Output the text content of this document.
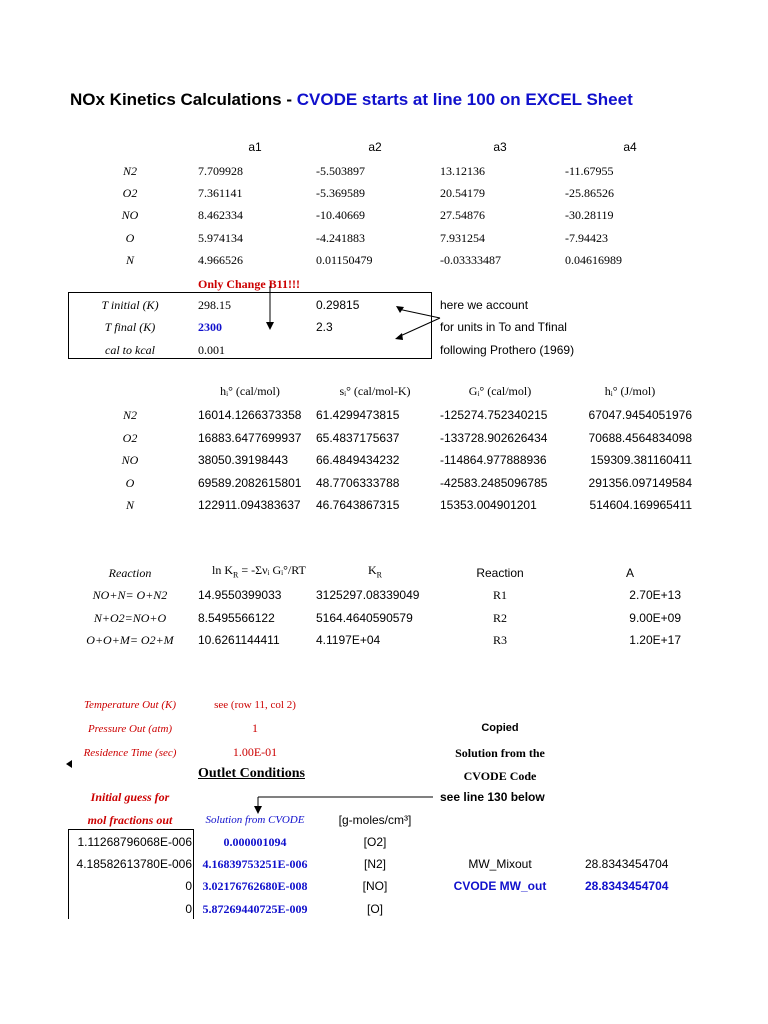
NOx Kinetics Calculations - CVODE starts at line 100 on EXCEL Sheet
a1	a2	a3	a4
N2	7.709928	-5.503897	13.12136	-11.67955
O2	7.361141	-5.369589	20.54179	-25.86526
NO	8.462334	-10.40669	27.54876	-30.28119
O	5.974134	-4.241883	7.931254	-7.94423
N	4.966526	0.01150479	-0.03333487	0.04616989
Only Change B11!!!
T initial (K)	298.15	0.29815	here we account
T final (K)	2300	2.3	for units in To and Tfinal
cal to kcal	0.001	following Prothero (1969)
hᵢ° (cal/mol)	sᵢ° (cal/mol-K)	Gᵢ° (cal/mol)	hᵢ° (J/mol)
N2	16014.1266373358 61.4299473815	-125274.752340215	67047.9454051976
O2	16883.6477699937 65.4837175637	-133728.902626434	70688.4564834098
NO	38050.39198443 66.4849434232	-114864.977888936	159309.381160411
O	69589.2082615801 48.7706333788	-42583.2485096785	291356.097149584
N	122911.094383637 46.7643867315	15353.004901201	514604.169965411
Reaction	$\ln K_R$ = -Σνᵢ Gᵢ°/RT	$K_R$	Reaction	A
NO+N= O+N2	14.9550399033	3125297.08339049	R1	2.70E+13
N+O2=NO+O	8.5495566122	5164.4640590579	R2	9.00E+09
O+O+M= O2+M	10.6261144411	4.1197E+04	R3	1.20E+17
Temperature Out (K)	see (row 11, col 2)
Pressure Out (atm)	1
Residence Time (sec)	1.00E-01
Copied
Solution from the
CVODE Code
Outlet Conditions
see line 130 below
Initial guess for
mol fractions out	Solution from CVODE	[g-moles/cm³]
1.11268796068E-006	0.000001094	[O2]
4.18582613780E-006 4.16839753251E-006	[N2]	MW_Mixout	28.8343454704
0 3.02176762680E-008	[NO]	CVODE MW_out	28.8343454704
0 5.87269440725E-009	[O]
